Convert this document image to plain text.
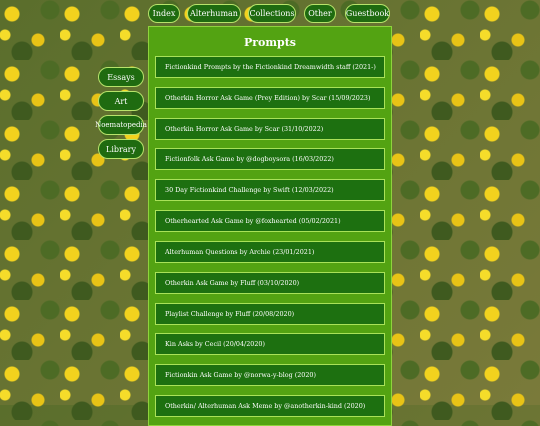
Index	Alterhuman	Collections	Other	Guestbook
Essays
Art
Noematopedia
Library
Prompts
Fictionkind Prompts by the Fictionkind Dreamwidth staff (2021-)
Otherkin Horror Ask Game (Prey Edition) by Scar (15/09/2023)
Otherkin Horror Ask Game by Scar (31/10/2022)
Fictionfolk Ask Game by @dogboysora (16/03/2022)
30 Day Fictionkind Challenge by Swift (12/03/2022)
Otherhearted Ask Game by @foxhearted (05/02/2021)
Alterhuman Questions by Archie (23/01/2021)
Otherkin Ask Game by Fluff (03/10/2020)
Playlist Challenge by Fluff (20/08/2020)
Kin Asks by Cecil (20/04/2020)
Fictionkin Ask Game by @norwa-y-blog (2020)
Otherkin/ Alterhuman Ask Meme by @anotherkin-kind (2020)
